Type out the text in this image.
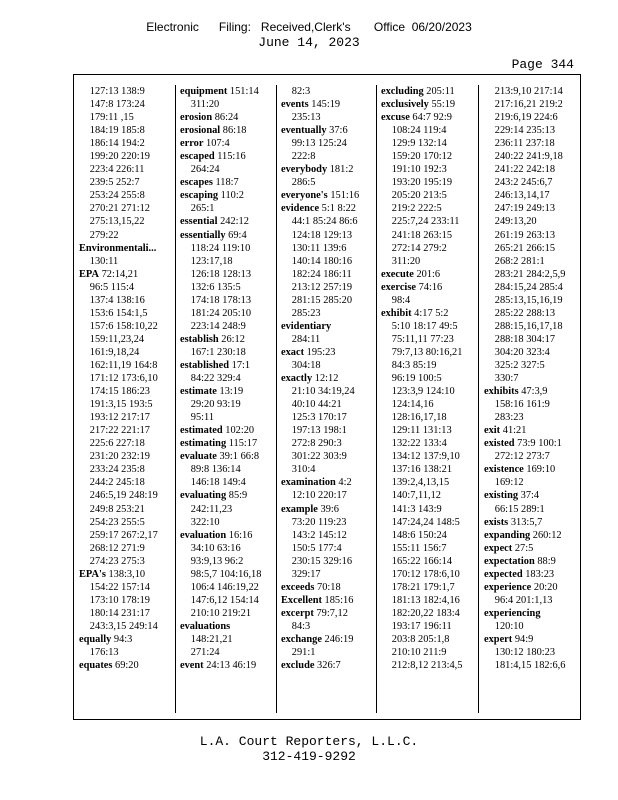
Electronic      Filing:   Received,Clerk's       Office  06/20/2023
June 14, 2023
Page 344
127:13 138:9
147:8 173:24
179:11 ,15
184:19 185:8
186:14 194:2
199:20 220:19
223:4 226:11
239:5 252:7
253:24 255:8
270:21 271:12
275:13,15,22
279:22
Environmentali...
130:11
EPA 72:14,21
96:5 115:4
137:4 138:16
153:6 154:1,5
157:6 158:10,22
159:11,23,24
161:9,18,24
162:11,19 164:8
171:12 173:6,10
174:15 186:23
191:3,15 193:5
193:12 217:17
217:22 221:17
225:6 227:18
231:20 232:19
233:24 235:8
244:2 245:18
246:5,19 248:19
249:8 253:21
254:23 255:5
259:17 267:2,17
268:12 271:9
274:23 275:3
EPA's 138:3,10
154:22 157:14
173:10 178:19
180:14 231:17
243:3,15 249:14
equally 94:3
176:13
equates 69:20
equipment 151:14
311:20
erosion 86:24
erosional 86:18
error 107:4
escaped 115:16
264:24
escapes 118:7
escaping 110:2
265:1
essential 242:12
essentially 69:4
118:24 119:10
123:17,18
126:18 128:13
132:6 135:5
174:18 178:13
181:24 205:10
223:14 248:9
establish 26:12
167:1 230:18
established 17:1
84:22 329:4
estimate 13:19
29:20 93:19
95:11
estimated 102:20
estimating 115:17
evaluate 39:1 66:8
89:8 136:14
146:18 149:4
evaluating 85:9
242:11,23
322:10
evaluation 16:16
34:10 63:16
93:9,13 96:2
98:5,7 104:16,18
106:4 146:19,22
147:6,12 154:14
210:10 219:21
evaluations
148:21,21
271:24
event 24:13 46:19
82:3
events 145:19
235:13
eventually 37:6
99:13 125:24
222:8
everybody 181:2
286:5
everyone's 151:16
evidence 5:1 8:22
44:1 85:24 86:6
124:18 129:13
130:11 139:6
140:14 180:16
182:24 186:11
213:12 257:19
281:15 285:20
285:23
evidentiary
284:11
exact 195:23
304:18
exactly 12:12
21:10 34:19,24
40:10 44:21
125:3 170:17
197:13 198:1
272:8 290:3
301:22 303:9
310:4
examination 4:2
12:10 220:17
example 39:6
73:20 119:23
143:2 145:12
150:5 177:4
230:15 329:16
329:17
exceeds 70:18
Excellent 185:16
excerpt 79:7,12
84:3
exchange 246:19
291:1
exclude 326:7
excluding 205:11
exclusively 55:19
excuse 64:7 92:9
108:24 119:4
129:9 132:14
159:20 170:12
191:10 192:3
193:20 195:19
205:20 213:5
219:2 222:5
225:7,24 233:11
241:18 263:15
272:14 279:2
311:20
execute 201:6
exercise 74:16
98:4
exhibit 4:17 5:2
5:10 18:17 49:5
75:11,11 77:23
79:7,13 80:16,21
84:3 85:19
96:19 100:5
123:3,9 124:10
124:14,16
128:16,17,18
129:11 131:13
132:22 133:4
134:12 137:9,10
137:16 138:21
139:2,4,13,15
140:7,11,12
141:3 143:9
147:24,24 148:5
148:6 150:24
155:11 156:7
165:22 166:14
170:12 178:6,10
178:21 179:1,7
181:13 182:4,16
182:20,22 183:4
193:17 196:11
203:8 205:1,8
210:10 211:9
212:8,12 213:4,5
213:9,10 217:14
217:16,21 219:2
219:6,19 224:6
229:14 235:13
236:11 237:18
240:22 241:9,18
241:22 242:18
243:2 245:6,7
246:13,14,17
247:19 249:13
249:13,20
261:19 263:13
265:21 266:15
268:2 281:1
283:21 284:2,5,9
284:15,24 285:4
285:13,15,16,19
285:22 288:13
288:15,16,17,18
288:18 304:17
304:20 323:4
325:2 327:5
330:7
exhibits 47:3,9
158:16 161:9
283:23
exit 41:21
existed 73:9 100:1
272:12 273:7
existence 169:10
169:12
existing 37:4
66:15 289:1
exists 313:5,7
expanding 260:12
expect 27:5
expectation 88:9
expected 183:23
experience 20:20
96:4 201:1,13
experiencing
120:10
expert 94:9
130:12 180:23
181:4,15 182:6,6
L.A. Court Reporters, L.L.C.
312-419-9292
